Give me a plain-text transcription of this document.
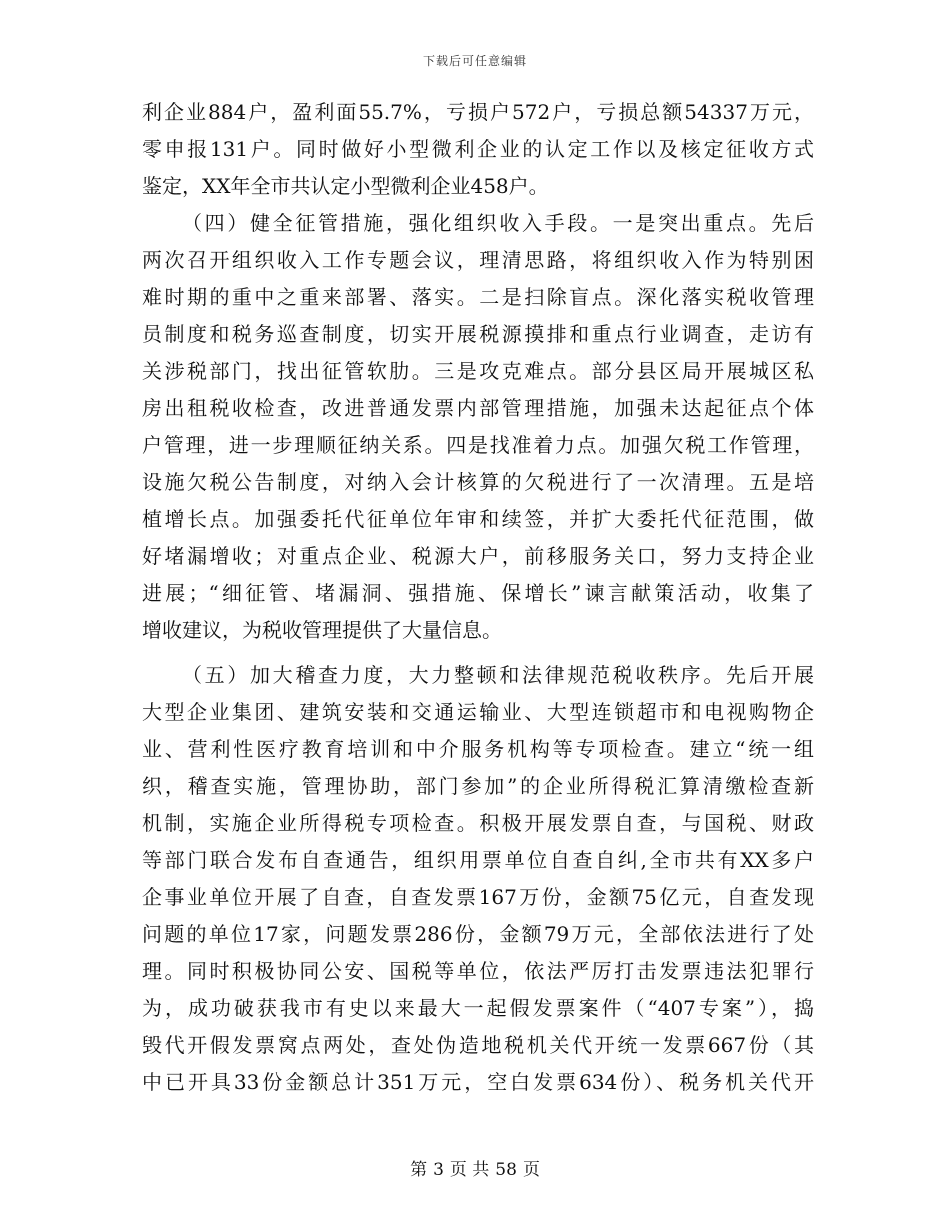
下载后可任意编辑
利企业884户，盈利面55.7%，亏损户572户，亏损总额54337万元，
零申报131户。同时做好小型微利企业的认定工作以及核定征收方式
鉴定，XX年全市共认定小型微利企业458户。
（四）健全征管措施，强化组织收入手段。一是突出重点。先后
两次召开组织收入工作专题会议，理清思路，将组织收入作为特别困
难时期的重中之重来部署、落实。二是扫除盲点。深化落实税收管理
员制度和税务巡查制度，切实开展税源摸排和重点行业调查，走访有
关涉税部门，找出征管软肋。三是攻克难点。部分县区局开展城区私
房出租税收检查，改进普通发票内部管理措施，加强未达起征点个体
户管理，进一步理顺征纳关系。四是找准着力点。加强欠税工作管理，
设施欠税公告制度，对纳入会计核算的欠税进行了一次清理。五是培
植增长点。加强委托代征单位年审和续签，并扩大委托代征范围，做
好堵漏增收；对重点企业、税源大户，前移服务关口，努力支持企业
进展；“细征管、堵漏洞、强措施、保增长”谏言献策活动，收集了
增收建议，为税收管理提供了大量信息。
（五）加大稽查力度，大力整顿和法律规范税收秩序。先后开展
大型企业集团、建筑安装和交通运输业、大型连锁超市和电视购物企
业、营利性医疗教育培训和中介服务机构等专项检查。建立“统一组
织，稽查实施，管理协助，部门参加”的企业所得税汇算清缴检查新
机制，实施企业所得税专项检查。积极开展发票自查，与国税、财政
等部门联合发布自查通告，组织用票单位自查自纠,全市共有XX多户
企事业单位开展了自查，自查发票167万份，金额75亿元，自查发现
问题的单位17家，问题发票286份，金额79万元，全部依法进行了处
理。同时积极协同公安、国税等单位，依法严厉打击发票违法犯罪行
为，成功破获我市有史以来最大一起假发票案件（“407专案”），捣
毁代开假发票窝点两处，查处伪造地税机关代开统一发票667份（其
中已开具33份金额总计351万元，空白发票634份）、税务机关代开
第 3 页 共 58 页
